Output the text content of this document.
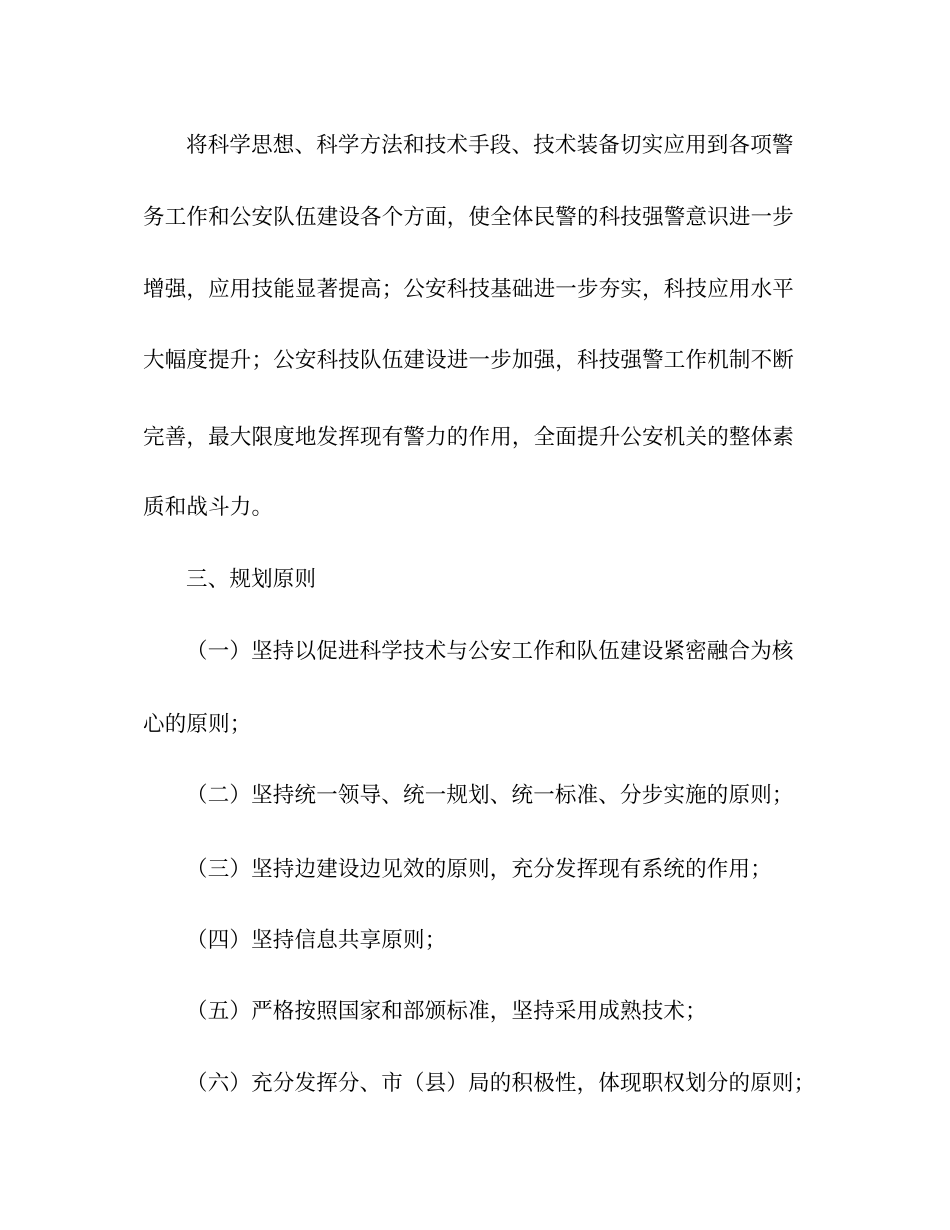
将科学思想、科学方法和技术手段、技术装备切实应用到各项警
务工作和公安队伍建设各个方面，使全体民警的科技强警意识进一步
增强，应用技能显著提高；公安科技基础进一步夯实，科技应用水平
大幅度提升；公安科技队伍建设进一步加强，科技强警工作机制不断
完善，最大限度地发挥现有警力的作用，全面提升公安机关的整体素
质和战斗力。
三、规划原则
（一）坚持以促进科学技术与公安工作和队伍建设紧密融合为核
心的原则；
（二）坚持统一领导、统一规划、统一标准、分步实施的原则；
（三）坚持边建设边见效的原则，充分发挥现有系统的作用；
（四）坚持信息共享原则；
（五）严格按照国家和部颁标准，坚持采用成熟技术；
（六）充分发挥分、市（县）局的积极性，体现职权划分的原则；
